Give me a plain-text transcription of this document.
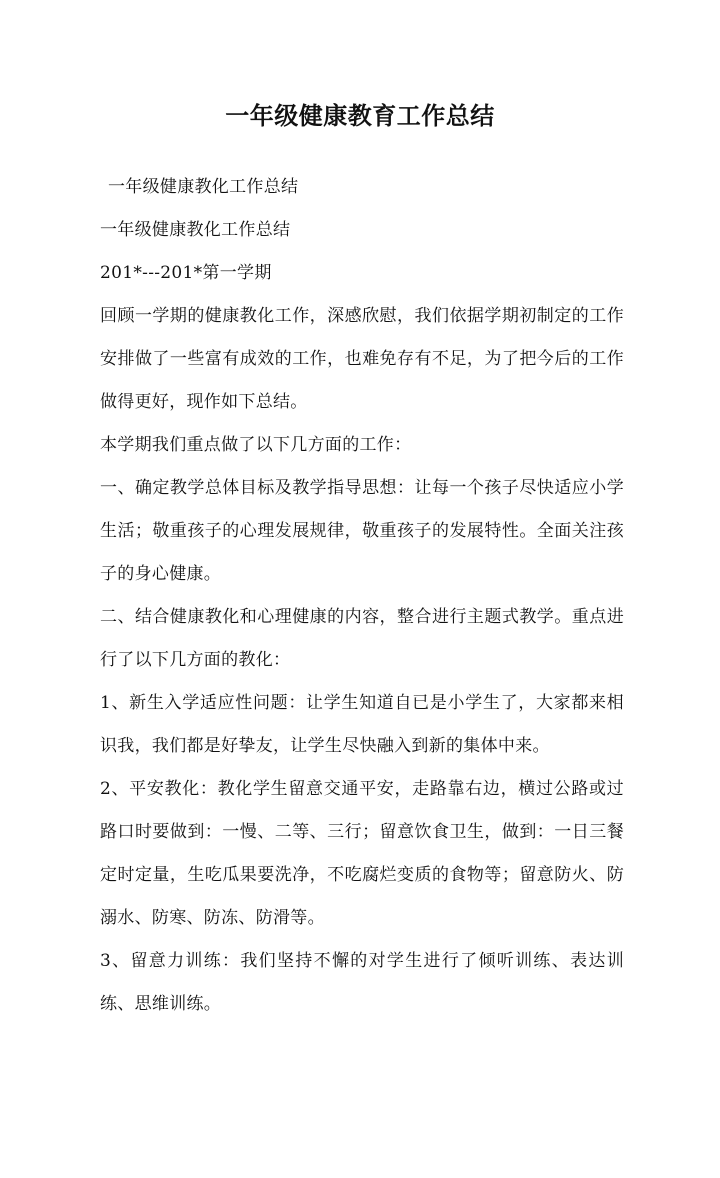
一年级健康教育工作总结

一年级健康教化工作总结

一年级健康教化工作总结

201*---201*第一学期

回顾一学期的健康教化工作，深感欣慰，我们依据学期初制定的工作安排做了一些富有成效的工作，也难免存有不足，为了把今后的工作做得更好，现作如下总结。

本学期我们重点做了以下几方面的工作：

一、确定教学总体目标及教学指导思想：让每一个孩子尽快适应小学生活；敬重孩子的心理发展规律，敬重孩子的发展特性。全面关注孩子的身心健康。

二、结合健康教化和心理健康的内容，整合进行主题式教学。重点进行了以下几方面的教化：

1、新生入学适应性问题：让学生知道自已是小学生了，大家都来相识我，我们都是好挚友，让学生尽快融入到新的集体中来。

2、平安教化：教化学生留意交通平安，走路靠右边，横过公路或过路口时要做到：一慢、二等、三行；留意饮食卫生，做到：一日三餐定时定量，生吃瓜果要洗净，不吃腐烂变质的食物等；留意防火、防溺水、防寒、防冻、防滑等。

3、留意力训练：我们坚持不懈的对学生进行了倾听训练、表达训练、思维训练。
